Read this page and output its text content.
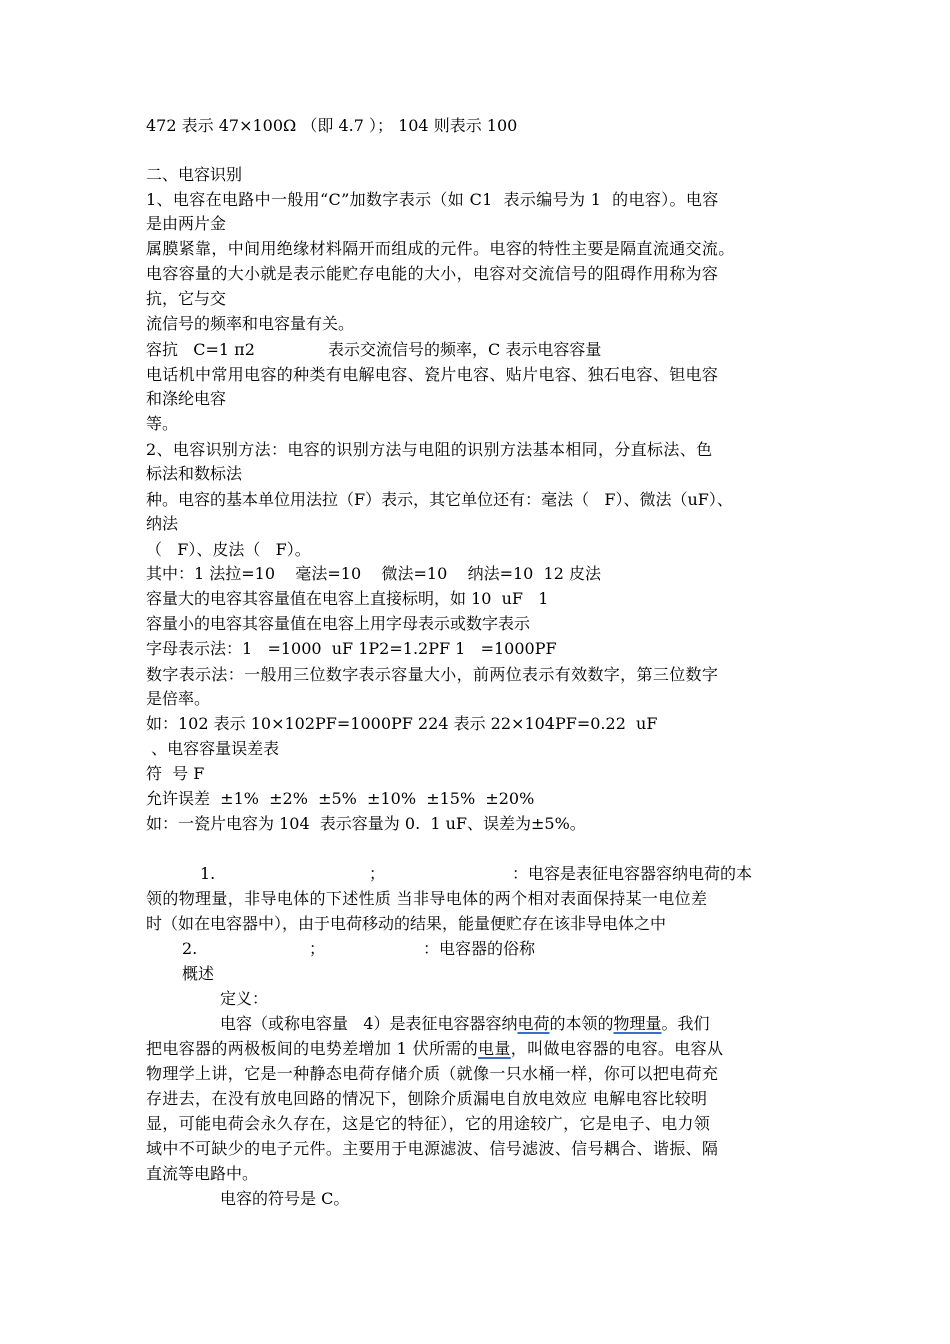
472 表示 47×100Ω （即 4.7 ）； 104 则表示 100
二、电容识别
1、电容在电路中一般用“C”加数字表示（如 C1  表示编号为 1  的电容）。电容
是由两片金
属膜紧靠，中间用绝缘材料隔开而组成的元件。电容的特性主要是隔直流通交流。
电容容量的大小就是表示能贮存电能的大小，电容对交流信号的阻碍作用称为容
抗，它与交
流信号的频率和电容量有关。
容抗   C=1 π2	表示交流信号的频率，C 表示电容容量
电话机中常用电容的种类有电解电容、瓷片电容、贴片电容、独石电容、钽电容
和涤纶电容
等。
2、电容识别方法：电容的识别方法与电阻的识别方法基本相同，分直标法、色
标法和数标法
种。电容的基本单位用法拉（F）表示，其它单位还有：毫法（   F）、微法（uF）、
纳法
（   F）、皮法（   F）。
其中：1 法拉=10    毫法=10    微法=10    纳法=10  12 皮法
容量大的电容其容量值在电容上直接标明，如 10  uF   1
容量小的电容其容量值在电容上用字母表示或数字表示
字母表示法：1   =1000  uF 1P2=1.2PF 1   =1000PF
数字表示法：一般用三位数字表示容量大小，前两位表示有效数字，第三位数字
是倍率。
如：102 表示 10×102PF=1000PF 224 表示 22×104PF=0.22  uF
、电容容量误差表
符  号 F
允许误差  ±1%  ±2%  ±5%  ±10%  ±15%  ±20%
如：一瓷片电容为 104  表示容量为 0.  1 uF、误差为±5%。
1.	；	：电容是表征电容器容纳电荷的本
领的物理量，非导电体的下述性质 当非导电体的两个相对表面保持某一电位差
时（如在电容器中），由于电荷移动的结果，能量便贮存在该非导电体之中
2.	；	：电容器的俗称
概述
定义：
电容（或称电容量   4）是表征电容器容纳电荷的本领的物理量。我们
把电容器的两极板间的电势差增加 1 伏所需的电量，叫做电容器的电容。电容从
物理学上讲，它是一种静态电荷存储介质（就像一只水桶一样，你可以把电荷充
存进去，在没有放电回路的情况下，刨除介质漏电自放电效应 电解电容比较明
显，可能电荷会永久存在，这是它的特征），它的用途较广，它是电子、电力领
域中不可缺少的电子元件。主要用于电源滤波、信号滤波、信号耦合、谐振、隔
直流等电路中。
电容的符号是 C。
